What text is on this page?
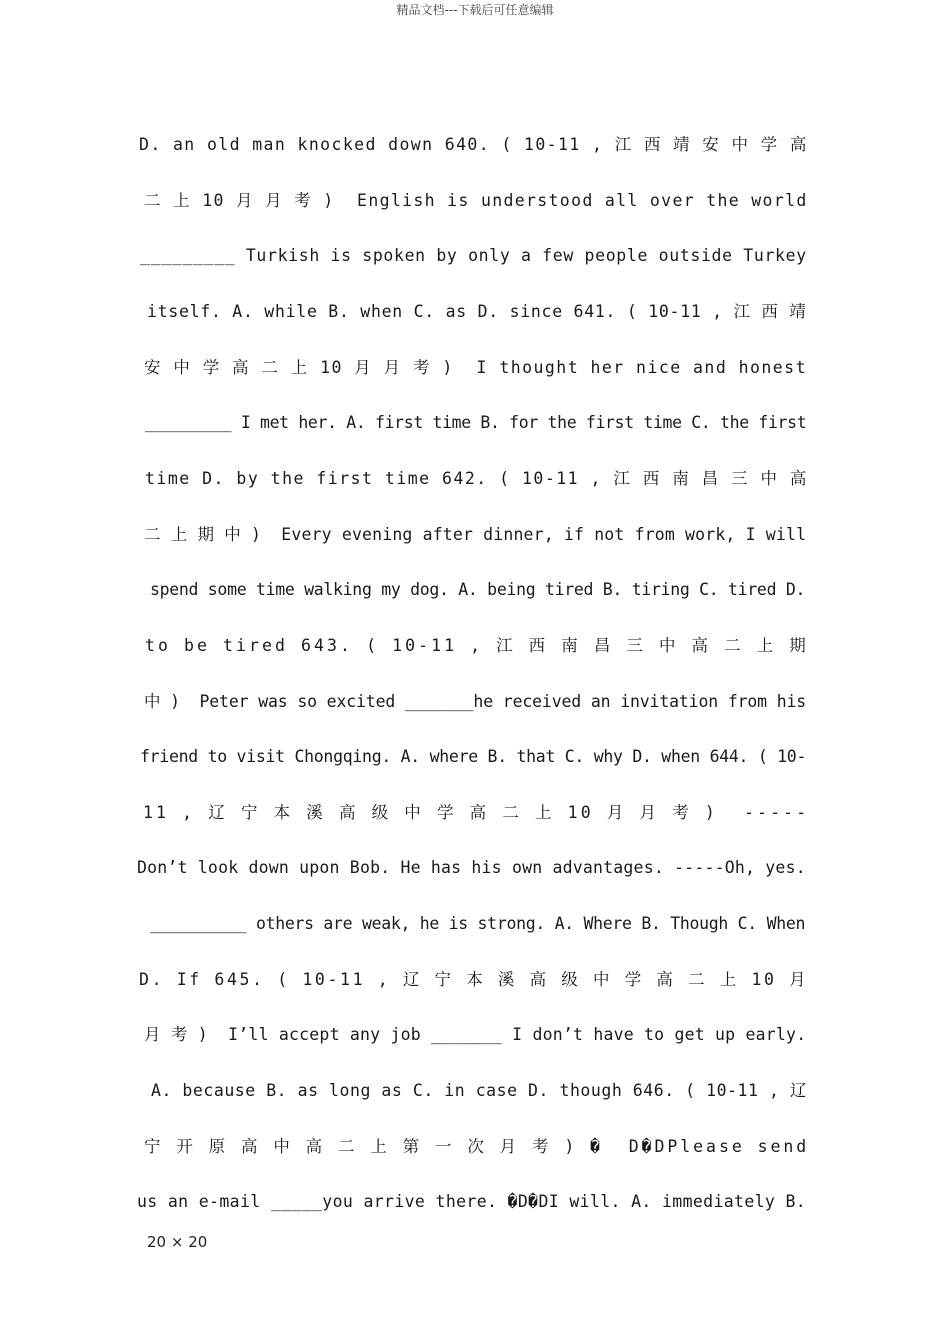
精品文档---下载后可任意编辑
D. an old man knocked down 640. ( 10-11 , 江 西 靖 安 中 学 高
二 上 10 月 月 考 )  English is understood all over the world
_________ Turkish is spoken by only a few people outside Turkey
itself. A. while B. when C. as D. since 641. ( 10-11 , 江 西 靖
安 中 学 高 二 上 10 月 月 考 )  I thought her nice and honest
_________ I met her. A. first time B. for the first time C. the first
time D. by the first time 642. ( 10-11 , 江 西 南 昌 三 中 高
二 上 期 中 )  Every evening after dinner, if not from work, I will
spend some time walking my dog. A. being tired B. tiring C. tired D.
to be tired 643. ( 10-11 , 江 西 南 昌 三 中 高 二 上 期
中 )  Peter was so excited _______he received an invitation from his
friend to visit Chongqing. A. where B. that C. why D. when 644. ( 10-
11 , 辽 宁 本 溪 高 级 中 学 高 二 上 10 月 月 考 )  -----
Don’t look down upon Bob. He has his own advantages. -----Oh, yes.
__________ others are weak, he is strong. A. Where B. Though C. When
D. If 645. ( 10-11 , 辽 宁 本 溪 高 级 中 学 高 二 上 10 月
月 考 )  I’ll accept any job _______ I don’t have to get up early.
A. because B. as long as C. in case D. though 646. ( 10-11 , 辽
宁 开 原 高 中 高 二 上 第 一 次 月 考 ) �  D�DPlease send
us an e-mail _____you arrive there. �D�DI will. A. immediately B.
20 × 20
